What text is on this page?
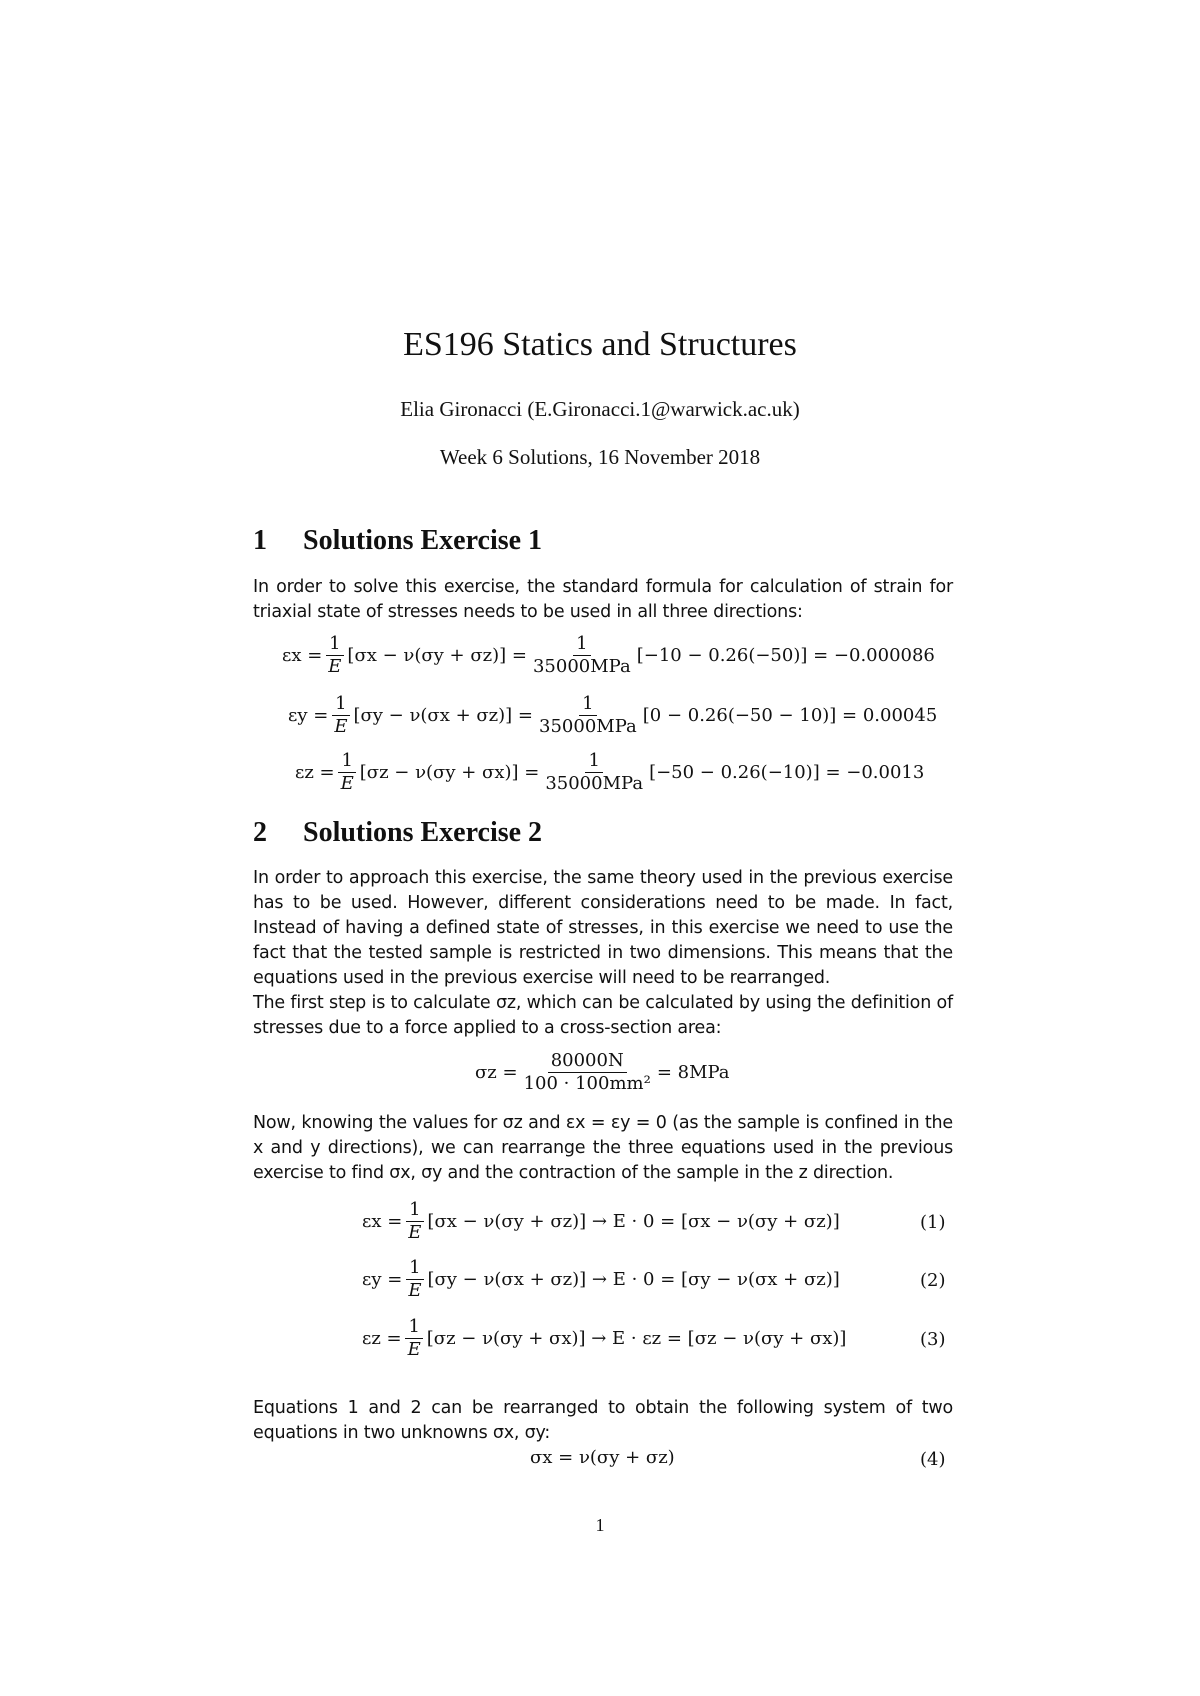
ES196 Statics and Structures
Elia Gironacci (E.Gironacci.1@warwick.ac.uk)
Week 6 Solutions, 16 November 2018
1 Solutions Exercise 1

In order to solve this exercise, the standard formula for calculation of strain for triaxial state of stresses needs to be used in all three directions:

$\varepsilon x = \frac{1}{E} [\sigma x - \nu(\sigma y + \sigma z)] = \frac{1}{\text{35000MPa}} [-10 - 0.26(-50)] = -0.000086$
$\varepsilon y = \frac{1}{E} [\sigma y - \nu(\sigma x + \sigma z)] = \frac{1}{\text{35000MPa}} [0 - 0.26(-50 - 10)] = 0.00045$
$\varepsilon z = \frac{1}{E} [\sigma z - \nu(\sigma y + \sigma x)] = \frac{1}{\text{35000MPa}} [-50 - 0.26(-10)] = -0.0013$
2 Solutions Exercise 2

In order to approach this exercise, the same theory used in the previous exercise has to be used. However, different considerations need to be made. In fact, Instead of having a defined state of stresses, in this exercise we need to use the fact that the tested sample is restricted in two dimensions. This means that the equations used in the previous exercise will need to be rearranged.

The first step is to calculate σz, which can be calculated by using the definition of stresses due to a force applied to a cross-section area:

$\sigma z = \frac{80000N}{\text{100 · 100mm²}} = 8MPa$

Now, knowing the values for σz and εx = εy = 0 (as the sample is confined in the x and y directions), we can rearrange the three equations used in the previous exercise to find σx, σy and the contraction of the sample in the z direction.

$\varepsilon x = \frac{1}{E} [\sigma x - \nu(\sigma y + \sigma z)] \to E \cdot 0 = [\sigma x - \nu(\sigma y + \sigma z)]$	(1)
$\varepsilon y = \frac{1}{E} [\sigma y - \nu(\sigma x + \sigma z)] \to E \cdot 0 = [\sigma y - \nu(\sigma x + \sigma z)]$	(2)
$\varepsilon z = \frac{1}{E} [\sigma z - \nu(\sigma y + \sigma x)] \to E \cdot \varepsilon z = [\sigma z - \nu(\sigma y + \sigma x)]$	(3)

Equations 1 and 2 can be rearranged to obtain the following system of two equations in two unknowns σx, σy:

σx = ν(σy + σz)	(4)
1
